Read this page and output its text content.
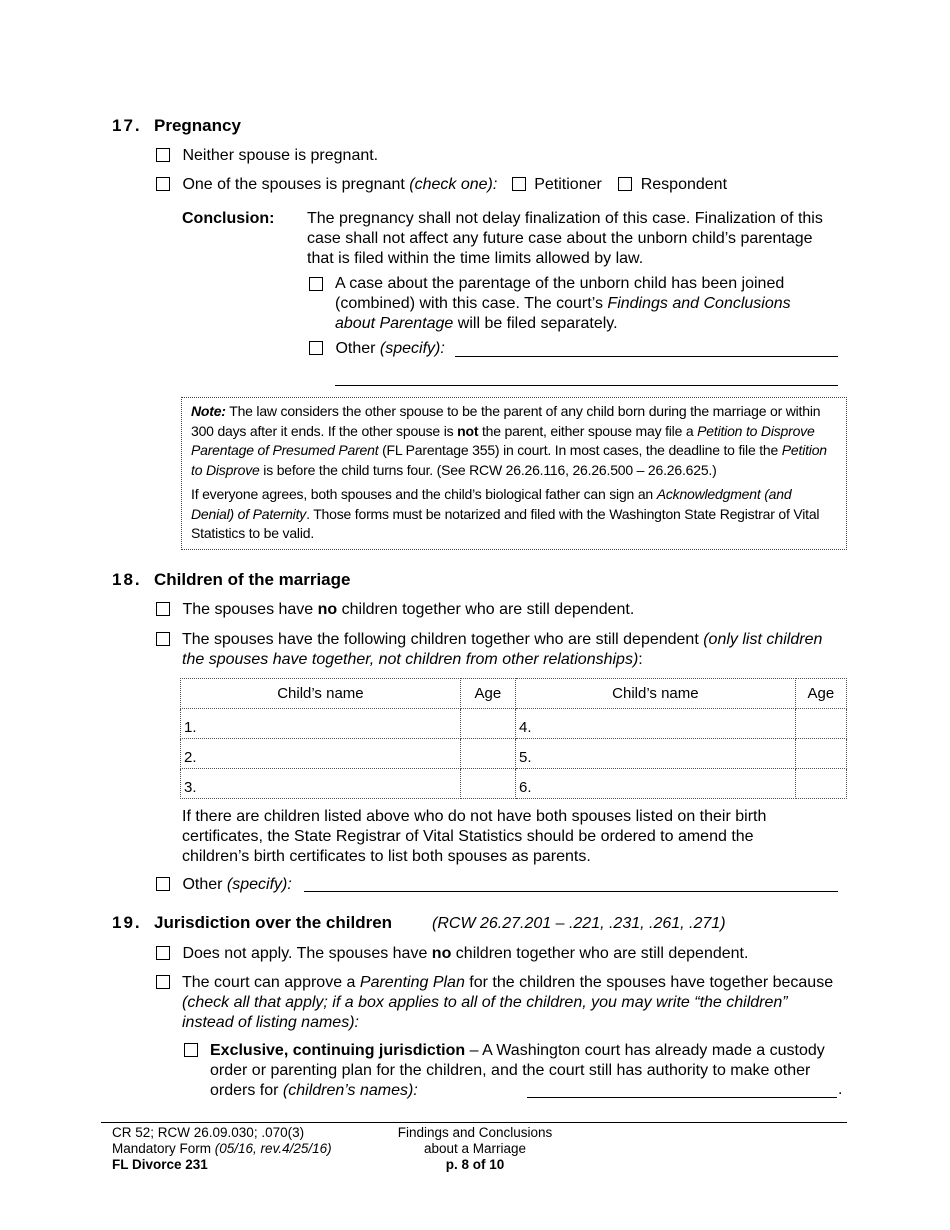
17. Pregnancy
Neither spouse is pregnant.
One of the spouses is pregnant (check one): Petitioner Respondent
Conclusion: The pregnancy shall not delay finalization of this case. Finalization of this case shall not affect any future case about the unborn child’s parentage that is filed within the time limits allowed by law.
A case about the parentage of the unborn child has been joined (combined) with this case. The court’s Findings and Conclusions about Parentage will be filed separately.
Other (specify):

Note: The law considers the other spouse to be the parent of any child born during the marriage or within 300 days after it ends. If the other spouse is not the parent, either spouse may file a Petition to Disprove Parentage of Presumed Parent (FL Parentage 355) in court. In most cases, the deadline to file the Petition to Disprove is before the child turns four. (See RCW 26.26.116, 26.26.500 – 26.26.625.)

If everyone agrees, both spouses and the child’s biological father can sign an Acknowledgment (and Denial) of Paternity. Those forms must be notarized and filed with the Washington State Registrar of Vital Statistics to be valid.

18. Children of the marriage
The spouses have no children together who are still dependent.
The spouses have the following children together who are still dependent (only list children the spouses have together, not children from other relationships):
Child’s name	Age	Child’s name	Age
1.		4.	
2.		5.	
3.		6.	
If there are children listed above who do not have both spouses listed on their birth certificates, the State Registrar of Vital Statistics should be ordered to amend the children’s birth certificates to list both spouses as parents.
Other (specify):
19. Jurisdiction over the children (RCW 26.27.201 – .221, .231, .261, .271)
Does not apply. The spouses have no children together who are still dependent.
The court can approve a Parenting Plan for the children the spouses have together because (check all that apply; if a box applies to all of the children, you may write “the children” instead of listing names):
Exclusive, continuing jurisdiction – A Washington court has already made a custody order or parenting plan for the children, and the court still has authority to make other orders for (children’s names):	.
CR 52; RCW 26.09.030; .070(3)
Mandatory Form (05/16, rev.4/25/16)
FL Divorce 231
Findings and Conclusions
about a Marriage
p. 8 of 10
